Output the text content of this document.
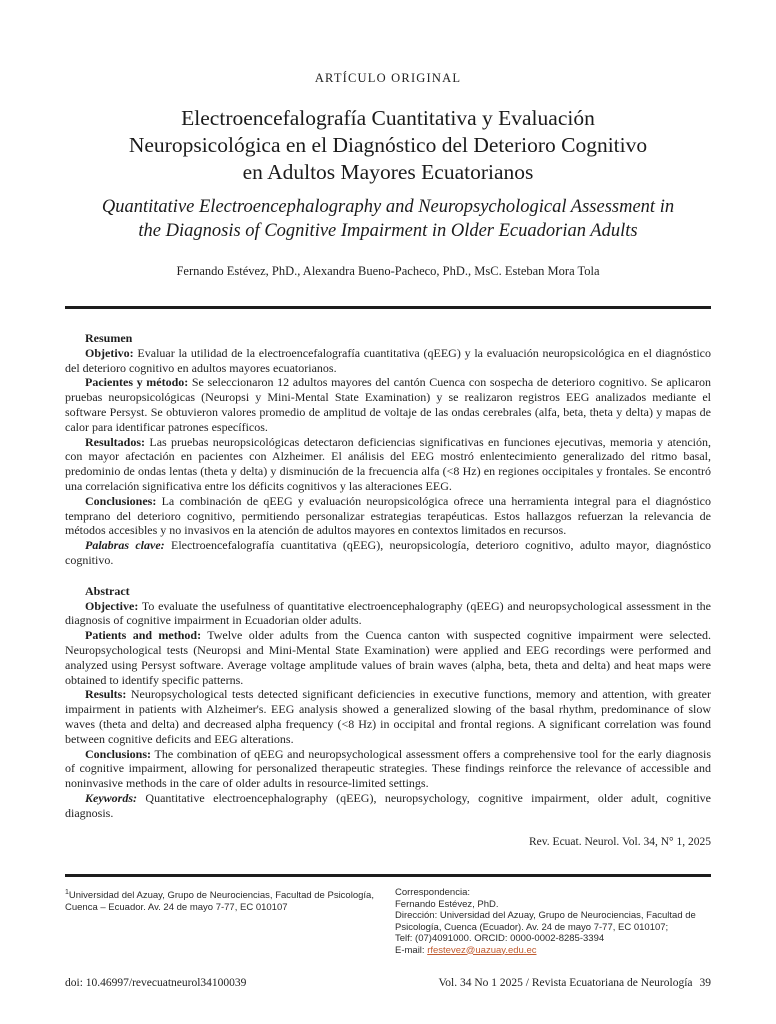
ARTÍCULO ORIGINAL
Electroencefalografía Cuantitativa y Evaluación
Neuropsicológica en el Diagnóstico del Deterioro Cognitivo
en Adultos Mayores Ecuatorianos
Quantitative Electroencephalography and Neuropsychological Assessment in
the Diagnosis of Cognitive Impairment in Older Ecuadorian Adults
Fernando Estévez, PhD., Alexandra Bueno-Pacheco, PhD., MsC. Esteban Mora Tola
Resumen

Objetivo: Evaluar la utilidad de la electroencefalografía cuantitativa (qEEG) y la evaluación neuropsicológica en el diagnóstico del deterioro cognitivo en adultos mayores ecuatorianos.

Pacientes y método: Se seleccionaron 12 adultos mayores del cantón Cuenca con sospecha de deterioro cognitivo. Se aplicaron pruebas neuropsicológicas (Neuropsi y Mini-Mental State Examination) y se realizaron registros EEG analizados mediante el software Persyst. Se obtuvieron valores promedio de amplitud de voltaje de las ondas cerebrales (alfa, beta, theta y delta) y mapas de calor para identificar patrones específicos.

Resultados: Las pruebas neuropsicológicas detectaron deficiencias significativas en funciones ejecutivas, memoria y atención, con mayor afectación en pacientes con Alzheimer. El análisis del EEG mostró enlentecimiento generalizado del ritmo basal, predominio de ondas lentas (theta y delta) y disminución de la frecuencia alfa (<8 Hz) en regiones occipitales y frontales. Se encontró una correlación significativa entre los déficits cognitivos y las alteraciones EEG.

Conclusiones: La combinación de qEEG y evaluación neuropsicológica ofrece una herramienta integral para el diagnóstico temprano del deterioro cognitivo, permitiendo personalizar estrategias terapéuticas. Estos hallazgos refuerzan la relevancia de métodos accesibles y no invasivos en la atención de adultos mayores en contextos limitados en recursos.

Palabras clave: Electroencefalografía cuantitativa (qEEG), neuropsicología, deterioro cognitivo, adulto mayor, diagnóstico cognitivo.

Abstract

Objective: To evaluate the usefulness of quantitative electroencephalography (qEEG) and neuropsychological assessment in the diagnosis of cognitive impairment in Ecuadorian older adults.

Patients and method: Twelve older adults from the Cuenca canton with suspected cognitive impairment were selected. Neuropsychological tests (Neuropsi and Mini-Mental State Examination) were applied and EEG recordings were performed and analyzed using Persyst software. Average voltage amplitude values of brain waves (alpha, beta, theta and delta) and heat maps were obtained to identify specific patterns.

Results: Neuropsychological tests detected significant deficiencies in executive functions, memory and attention, with greater impairment in patients with Alzheimer's. EEG analysis showed a generalized slowing of the basal rhythm, predominance of slow waves (theta and delta) and decreased alpha frequency (<8 Hz) in occipital and frontal regions. A significant correlation was found between cognitive deficits and EEG alterations.

Conclusions: The combination of qEEG and neuropsychological assessment offers a comprehensive tool for the early diagnosis of cognitive impairment, allowing for personalized therapeutic strategies. These findings reinforce the relevance of accessible and noninvasive methods in the care of older adults in resource-limited settings.

Keywords: Quantitative electroencephalography (qEEG), neuropsychology, cognitive impairment, older adult, cognitive diagnosis.

Rev. Ecuat. Neurol. Vol. 34, N° 1, 2025
$^1$Universidad del Azuay, Grupo de Neurociencias, Facultad de Psicología, Cuenca – Ecuador. Av. 24 de mayo 7-77, EC 010107
Correspondencia:
Fernando Estévez, PhD.
Dirección: Universidad del Azuay, Grupo de Neurociencias, Facultad de Psicología, Cuenca (Ecuador). Av. 24 de mayo 7-77, EC 010107;
Telf: (07)4091000. ORCID: 0000-0002-8285-3394
E-mail: rfestevez@uazuay.edu.ec
doi: 10.46997/revecuatneurol34100039	Vol. 34 No 1 2025 / Revista Ecuatoriana de Neurología 39
